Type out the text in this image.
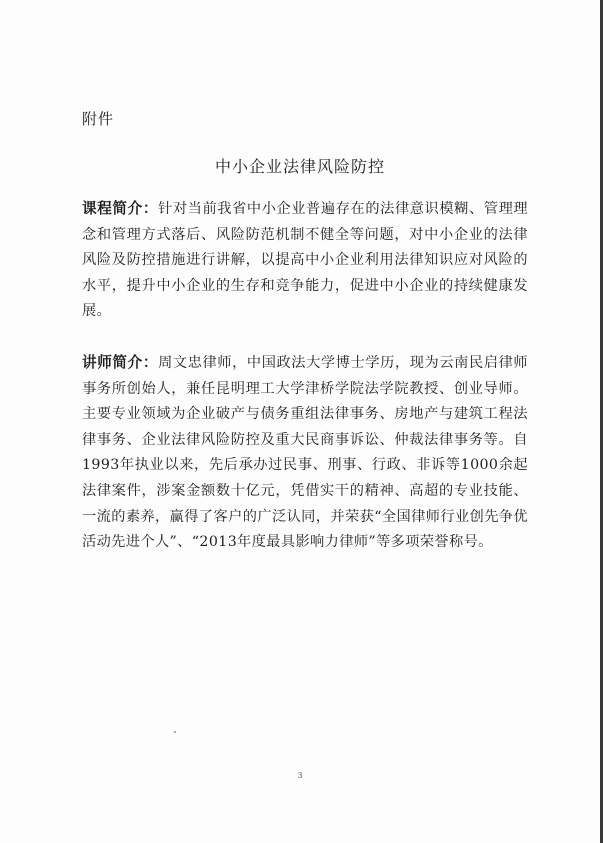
附件
中小企业法律风险防控

课程简介：针对当前我省中小企业普遍存在的法律意识模糊、管理理念和管理方式落后、风险防范机制不健全等问题，对中小企业的法律风险及防控措施进行讲解，以提高中小企业利用法律知识应对风险的水平，提升中小企业的生存和竞争能力，促进中小企业的持续健康发展。

讲师简介：周文忠律师，中国政法大学博士学历，现为云南民启律师事务所创始人，兼任昆明理工大学津桥学院法学院教授、创业导师。主要专业领域为企业破产与债务重组法律事务、房地产与建筑工程法律事务、企业法律风险防控及重大民商事诉讼、仲裁法律事务等。自1993年执业以来，先后承办过民事、刑事、行政、非诉等1000余起法律案件，涉案金额数十亿元，凭借实干的精神、高超的专业技能、一流的素养，赢得了客户的广泛认同，并荣获“全国律师行业创先争优活动先进个人”、“2013年度最具影响力律师”等多项荣誉称号。

3
